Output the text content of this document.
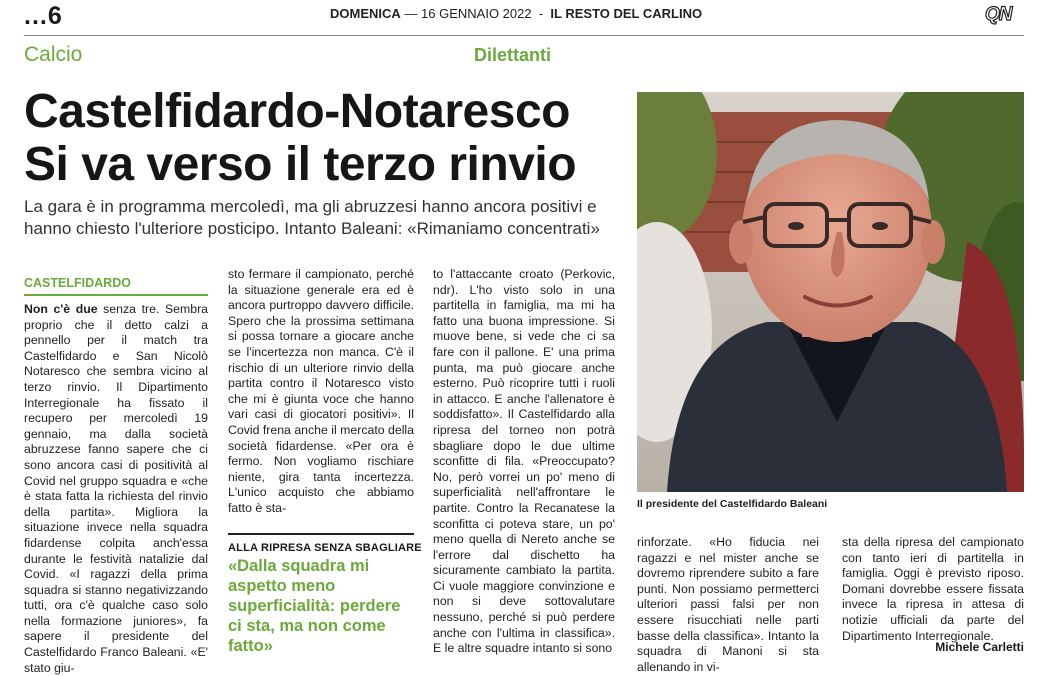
...6	DOMENICA — 16 GENNAIO 2022  -  IL RESTO DEL CARLINO	QN
Calcio	Dilettanti
Castelfidardo-Notaresco
Si va verso il terzo rinvio
La gara è in programma mercoledì, ma gli abruzzesi hanno ancora positivi e hanno chiesto l'ulteriore posticipo. Intanto Baleani: «Rimaniamo concentrati»
CASTELFIDARDO

Non c'è due senza tre. Sembra proprio che il detto calzi a pennello per il match tra Castelfidardo e San Nicolò Notaresco che sembra vicino al terzo rinvio. Il Dipartimento Interregionale ha fissato il recupero per mercoledì 19 gennaio, ma dalla società abruzzese fanno sapere che ci sono ancora casi di positività al Covid nel gruppo squadra e «che è stata fatta la richiesta del rinvio della partita». Migliora la situazione invece nella squadra fidardense colpita anch'essa durante le festività natalizie dal Covid. «I ragazzi della prima squadra si stanno negativizzando tutti, ora c'è qualche caso solo nella formazione juniores», fa sapere il presidente del Castelfidardo Franco Baleani. «E' stato giu-

sto fermare il campionato, perché la situazione generale era ed è ancora purtroppo davvero difficile. Spero che la prossima settimana si possa tornare a giocare anche se l'incertezza non manca. C'è il rischio di un ulteriore rinvio della partita contro il Notaresco visto che mi è giunta voce che hanno vari casi di giocatori positivi». Il Covid frena anche il mercato della società fidardense. «Per ora è fermo. Non vogliamo rischiare niente, gira tanta incertezza. L'unico acquisto che abbiamo fatto è sta-

ALLA RIPRESA SENZA SBAGLIARE
«Dalla squadra mi aspetto meno superficialità: perdere ci sta, ma non come fatto»

to l'attaccante croato (Perkovic, ndr). L'ho visto solo in una partitella in famiglia, ma mi ha fatto una buona impressione. Si muove bene, si vede che ci sa fare con il pallone. E' una prima punta, ma può giocare anche esterno. Può ricoprire tutti i ruoli in attacco. E anche l'allenatore è soddisfatto». Il Castelfidardo alla ripresa del torneo non potrà sbagliare dopo le due ultime sconfitte di fila. «Preoccupato? No, però vorrei un po' meno di superficialità nell'affrontare le partite. Contro la Recanatese la sconfitta ci poteva stare, un po' meno quella di Nereto anche se l'errore dal dischetto ha sicuramente cambiato la partita. Ci vuole maggiore convinzione e non si deve sottovalutare nessuno, perché si può perdere anche con l'ultima in classifica». E le altre squadre intanto si sono

Il presidente del Castelfidardo Baleani

rinforzate. «Ho fiducia nei ragazzi e nel mister anche se dovremo riprendere subito a fare punti. Non possiamo permetterci ulteriori passi falsi per non essere risucchiati nelle parti basse della classifica». Intanto la squadra di Manoni si sta allenando in vi-

sta della ripresa del campionato con tanto ieri di partitella in famiglia. Oggi è previsto riposo. Domani dovrebbe essere fissata invece la ripresa in attesa di notizie ufficiali da parte del Dipartimento Interregionale.

Michele Carletti
